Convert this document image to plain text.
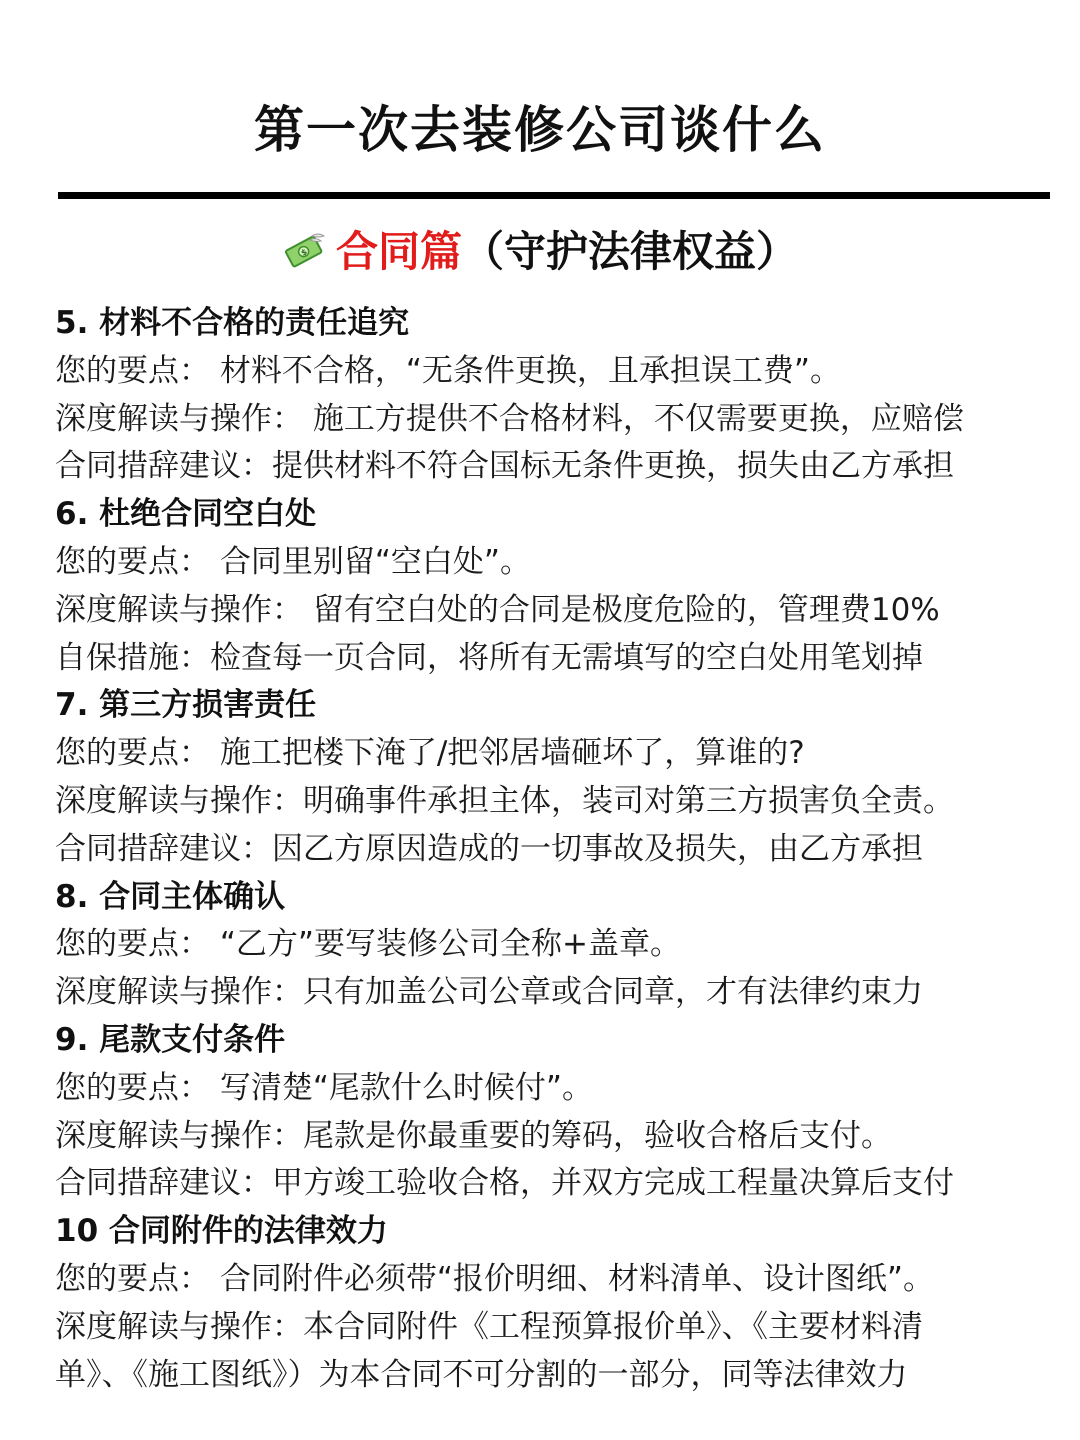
第一次去装修公司谈什么
$ 合同篇（守护法律权益）
5. 材料不合格的责任追究
您的要点： 材料不合格，“无条件更换，且承担误工费”。
深度解读与操作： 施工方提供不合格材料，不仅需要更换，应赔偿
合同措辞建议：提供材料不符合国标无条件更换，损失由乙方承担
6. 杜绝合同空白处
您的要点： 合同里别留“空白处”。
深度解读与操作： 留有空白处的合同是极度危险的，管理费10%
自保措施：检查每一页合同，将所有无需填写的空白处用笔划掉
7. 第三方损害责任
您的要点： 施工把楼下淹了/把邻居墙砸坏了，算谁的?
深度解读与操作：明确事件承担主体，装司对第三方损害负全责。
合同措辞建议：因乙方原因造成的一切事故及损失，由乙方承担
8. 合同主体确认
您的要点： “乙方”要写装修公司全称+盖章。
深度解读与操作：只有加盖公司公章或合同章，才有法律约束力
9. 尾款支付条件
您的要点： 写清楚“尾款什么时候付”。
深度解读与操作：尾款是你最重要的筹码，验收合格后支付。
合同措辞建议：甲方竣工验收合格，并双方完成工程量决算后支付
10 合同附件的法律效力
您的要点： 合同附件必须带“报价明细、材料清单、设计图纸”。
深度解读与操作：本合同附件《工程预算报价单》、《主要材料清
单》、《施工图纸》）为本合同不可分割的一部分，同等法律效力
